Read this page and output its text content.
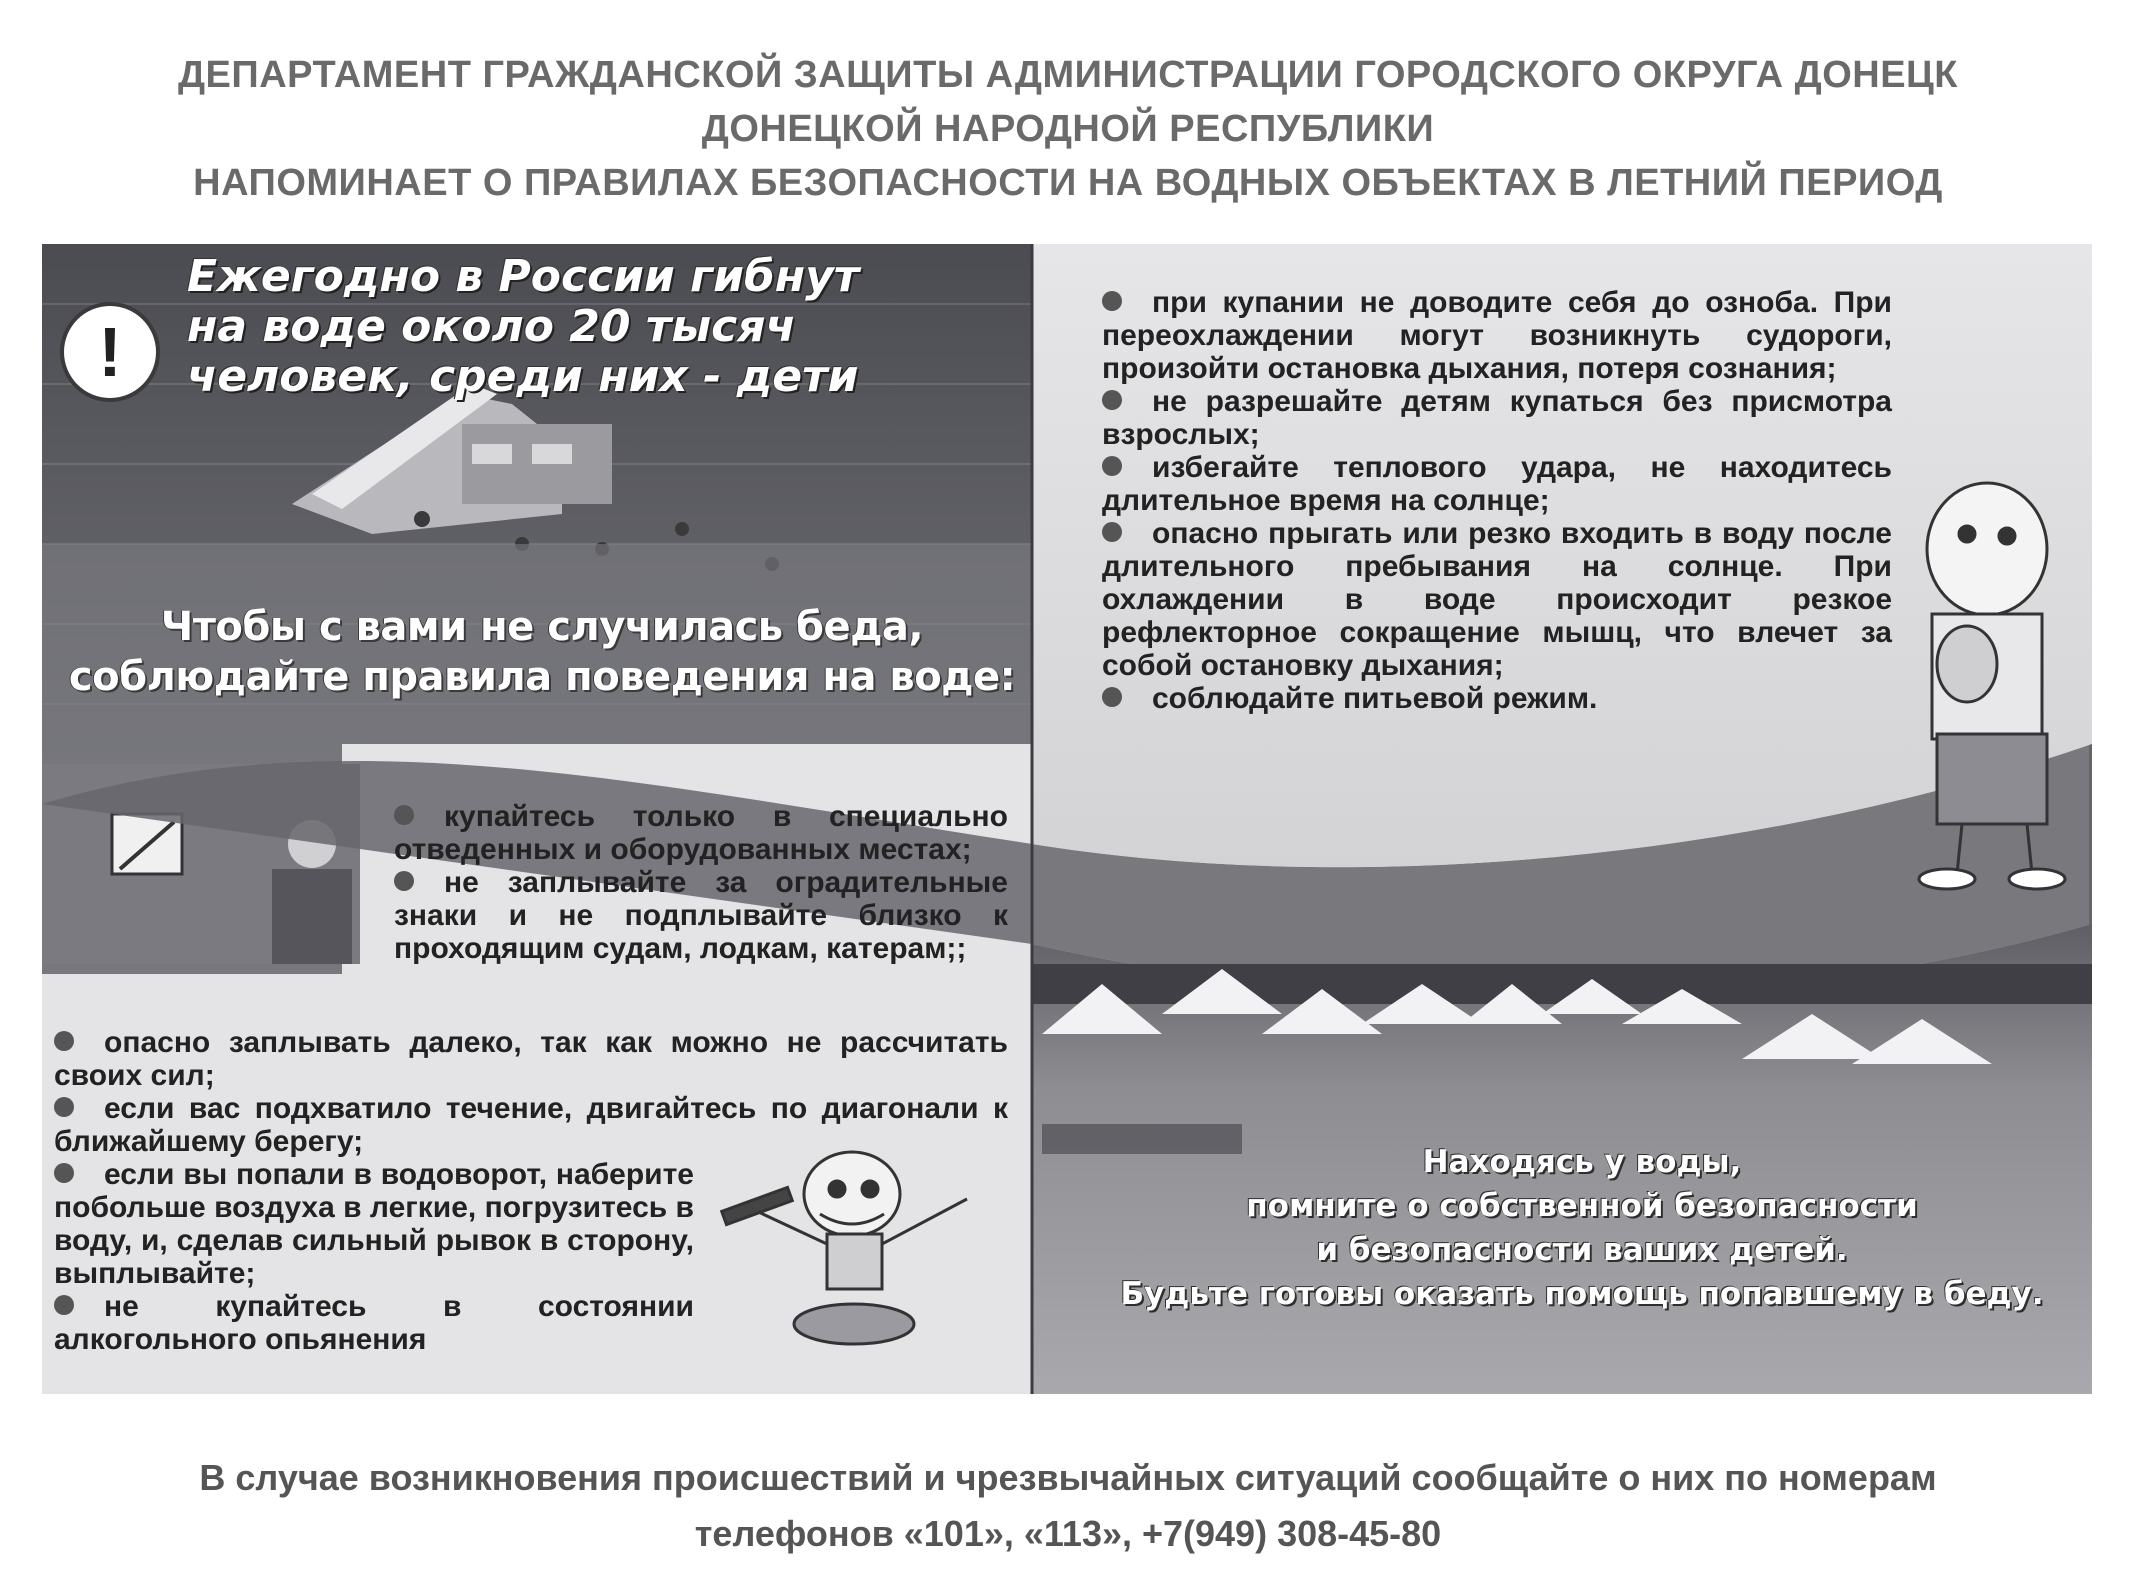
ДЕПАРТАМЕНТ ГРАЖДАНСКОЙ ЗАЩИТЫ АДМИНИСТРАЦИИ ГОРОДСКОГО ОКРУГА ДОНЕЦК
ДОНЕЦКОЙ НАРОДНОЙ РЕСПУБЛИКИ
НАПОМИНАЕТ О ПРАВИЛАХ БЕЗОПАСНОСТИ НА ВОДНЫХ ОБЪЕКТАХ В ЛЕТНИЙ ПЕРИОД
!
Ежегодно в России гибнут
на воде около 20 тысяч
человек, среди них - дети
Чтобы с вами не случилась беда,
соблюдайте правила поведения на воде:
купайтесь только в специально отведенных и оборудованных местах;
не заплывайте за оградительные знаки и не подплывайте близко к проходящим судам, лодкам, катерам;;
опасно заплывать далеко, так как можно не рассчитать своих сил;
если вас подхватило течение, двигайтесь по диагонали к ближайшему берегу;
если вы попали в водоворот, наберите побольше воздуха в легкие, погрузитесь в воду, и, сделав сильный рывок в сторону, выплывайте;
не купайтесь в состоянии алкогольного опьянения
при купании не доводите себя до озноба. При переохлаждении могут возникнуть судороги, произойти остановка дыхания, потеря сознания;
не разрешайте детям купаться без присмотра взрослых;
избегайте теплового удара, не находитесь длительное время на солнце;
опасно прыгать или резко входить в воду после длительного пребывания на солнце. При охлаждении в воде происходит резкое рефлекторное сокращение мышц, что влечет за собой остановку дыхания;
соблюдайте питьевой режим.
Находясь у воды,
помните о собственной безопасности
и безопасности ваших детей.
Будьте готовы оказать помощь попавшему в беду.
В случае возникновения происшествий и чрезвычайных ситуаций сообщайте о них по номерам
телефонов «101», «113», +7(949) 308-45-80
